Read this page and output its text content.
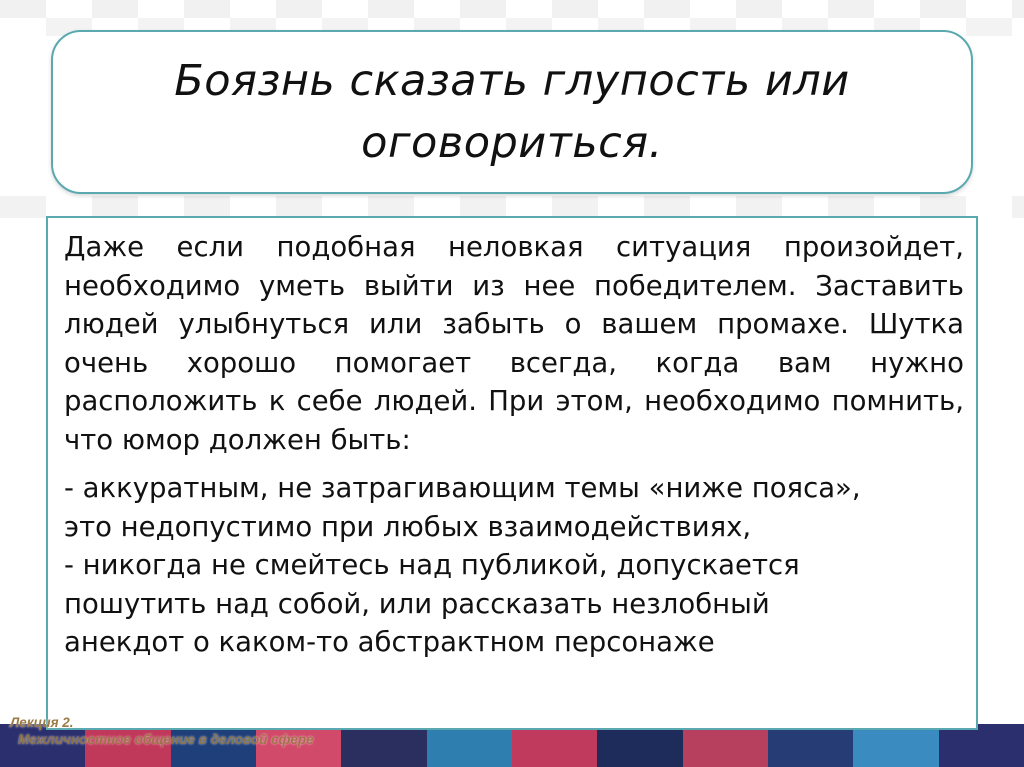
Боязнь сказать глупость или оговориться.

Даже если подобная неловкая ситуация произойдет, необходимо уметь выйти из нее победителем. Заставить людей улыбнуться или забыть о вашем промахе. Шутка очень хорошо помогает всегда, когда вам нужно расположить к себе людей. При этом, необходимо помнить, что юмор должен быть:

- аккуратным, не затрагивающим темы «ниже пояса»,
это недопустимо при любых взаимодействиях,
- никогда не смейтесь над публикой, допускается
пошутить над собой, или рассказать незлобный
анекдот о каком-то абстрактном персонаже

Лекция 2.
Межличностное общение в деловой сфере
